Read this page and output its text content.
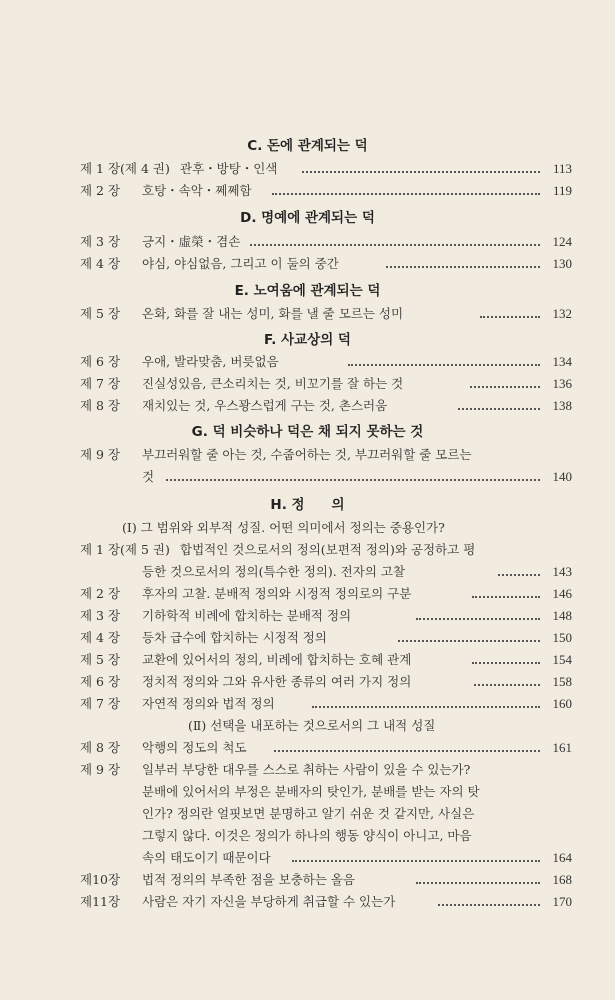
C. 돈에 관계되는 덕
제 1 장(제 4 권) 관후・방탕・인색	113
제 2 장 호탕・속악・쩨쩨함	119
D. 명예에 관계되는 덕
제 3 장 긍지・虛榮・겸손	124
제 4 장 야심, 야심없음, 그리고 이 둘의 중간	130
E. 노여움에 관계되는 덕
제 5 장 온화, 화를 잘 내는 성미, 화를 낼 줄 모르는 성미	132
F. 사교상의 덕
제 6 장 우애, 발라맞춤, 버릇없음	134
제 7 장 진실성있음, 큰소리치는 것, 비꼬기를 잘 하는 것	136
제 8 장 재치있는 것, 우스꽝스럽게 구는 것, 촌스러움	138
G. 덕 비슷하나 덕은 채 되지 못하는 것
제 9 장 부끄러워할 줄 아는 것, 수줍어하는 것, 부끄러워할 줄 모르는
것	140
H. 정　　의
(Ⅰ) 그 범위와 외부적 성질. 어떤 의미에서 정의는 중용인가?
제 1 장(제 5 권) 합법적인 것으로서의 정의(보편적 정의)와 공정하고 평
등한 것으로서의 정의(특수한 정의). 전자의 고찰	143
제 2 장 후자의 고찰. 분배적 정의와 시정적 정의로의 구분	146
제 3 장 기하학적 비례에 합치하는 분배적 정의	148
제 4 장 등차 급수에 합치하는 시정적 정의	150
제 5 장 교환에 있어서의 정의, 비례에 합치하는 호혜 관계	154
제 6 장 정치적 정의와 그와 유사한 종류의 여러 가지 정의	158
제 7 장 자연적 정의와 법적 정의	160
(Ⅱ) 선택을 내포하는 것으로서의 그 내적 성질
제 8 장 악행의 정도의 척도	161
제 9 장 일부러 부당한 대우를 스스로 취하는 사람이 있을 수 있는가?
분배에 있어서의 부정은 분배자의 탓인가, 분배를 받는 자의 탓
인가? 정의란 얼핏보면 분명하고 알기 쉬운 것 같지만, 사실은
그렇지 않다. 이것은 정의가 하나의 행동 양식이 아니고, 마음
속의 태도이기 때문이다	164
제10장 법적 정의의 부족한 점을 보충하는 올음	168
제11장 사람은 자기 자신을 부당하게 취급할 수 있는가	170
